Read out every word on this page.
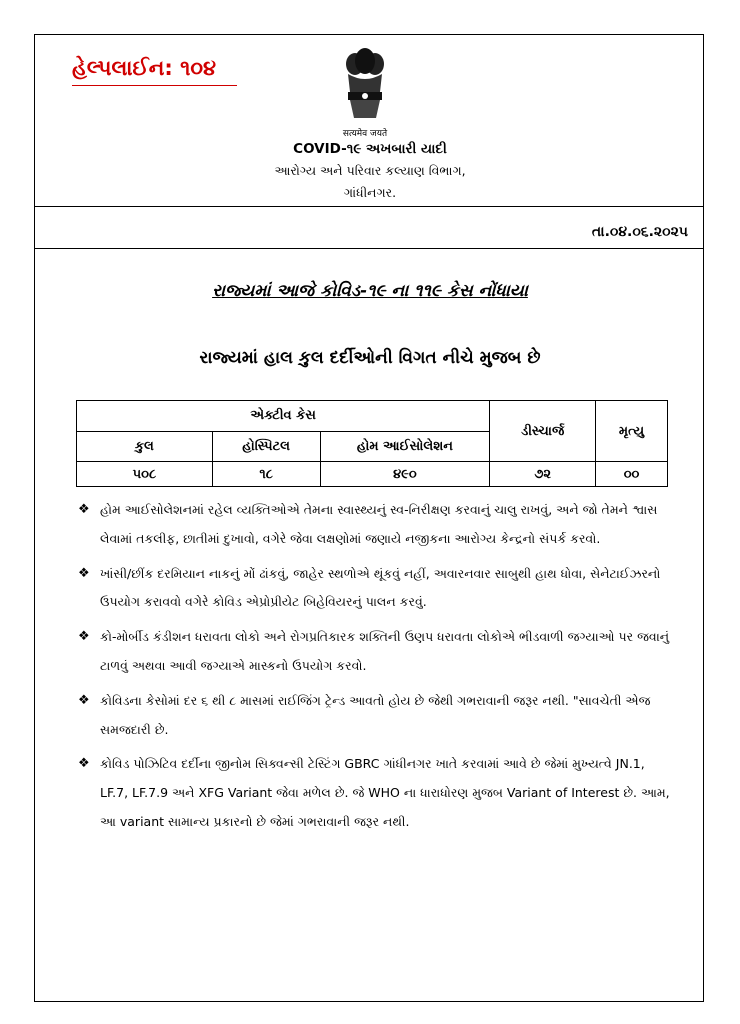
હેલ્પલાઈન: ૧૦૪
सत्यमेव जयते
COVID-૧૯ અખબારી યાદી
આરોગ્ય અને પરિવાર કલ્યાણ વિભાગ,
ગાંધીનગર.
તા.૦૪.૦૬.૨૦૨૫
રાજ્યમાં આજે કોવિડ-૧૯ ના ૧૧૯ કેસ નોંધાયા
રાજ્યમાં હાલ કુલ દર્દીઓની વિગત નીચે મુજબ છે
એક્ટીવ કેસ			ડીસ્ચાર્જ	મૃત્યુ
કુલ	હોસ્પિટલ	હોમ આઈસોલેશન		
૫૦૮	૧૮	૪૯૦	૭૨	૦૦
❖ હોમ આઈસોલેશનમાં રહેલ વ્યક્તિઓએ તેમના સ્વાસ્થ્યનું સ્વ-નિરીક્ષણ કરવાનું ચાલુ રાખવું, અને જો તેમને શ્વાસ લેવામાં તકલીફ, છાતીમાં દુખાવો, વગેરે જેવા લક્ષણોમાં જણાયે નજીકના આરોગ્ય કેન્દ્રનો સંપર્ક કરવો.
❖ ખાંસી/છીંક દરમિયાન નાકનું મોં ઢાંકવું, જાહેર સ્થળોએ થૂંકવું નહીં, અવારનવાર સાબુથી હાથ ધોવા, સેનેટાઈઝરનો ઉપયોગ કરાવવો વગેરે કોવિડ એપ્રોપ્રીયેટ બિહેવિયરનું પાલન કરવું.
❖ કો-મોર્બીડ કંડીશન ધરાવતા લોકો અને રોગપ્રતિકારક શક્તિની ઉણપ ધરાવતા લોકોએ ભીડવાળી જગ્યાઓ પર જવાનું ટાળવું અથવા આવી જગ્યાએ માસ્કનો ઉપયોગ કરવો.
❖ કોવિડના કેસોમાં દર ૬ થી ૮ માસમાં રાઈજિંગ ટ્રેન્ડ આવતો હોય છે જેથી ગભરાવાની જરૂર નથી. "સાવચેતી એજ સમજદારી છે.
❖ કોવિડ પોઝિટિવ દર્દીના જીનોમ સિક્વન્સી ટેસ્ટિંગ GBRC ગાંધીનગર ખાતે કરવામાં આવે છે જેમાં મુખ્યત્વે JN.1, LF.7, LF.7.9 અને XFG Variant જેવા મળેલ છે. જે WHO ના ધારાધોરણ મુજબ Variant of Interest છે. આમ, આ variant સામાન્ય પ્રકારનો છે જેમાં ગભરાવાની જરૂર નથી.
